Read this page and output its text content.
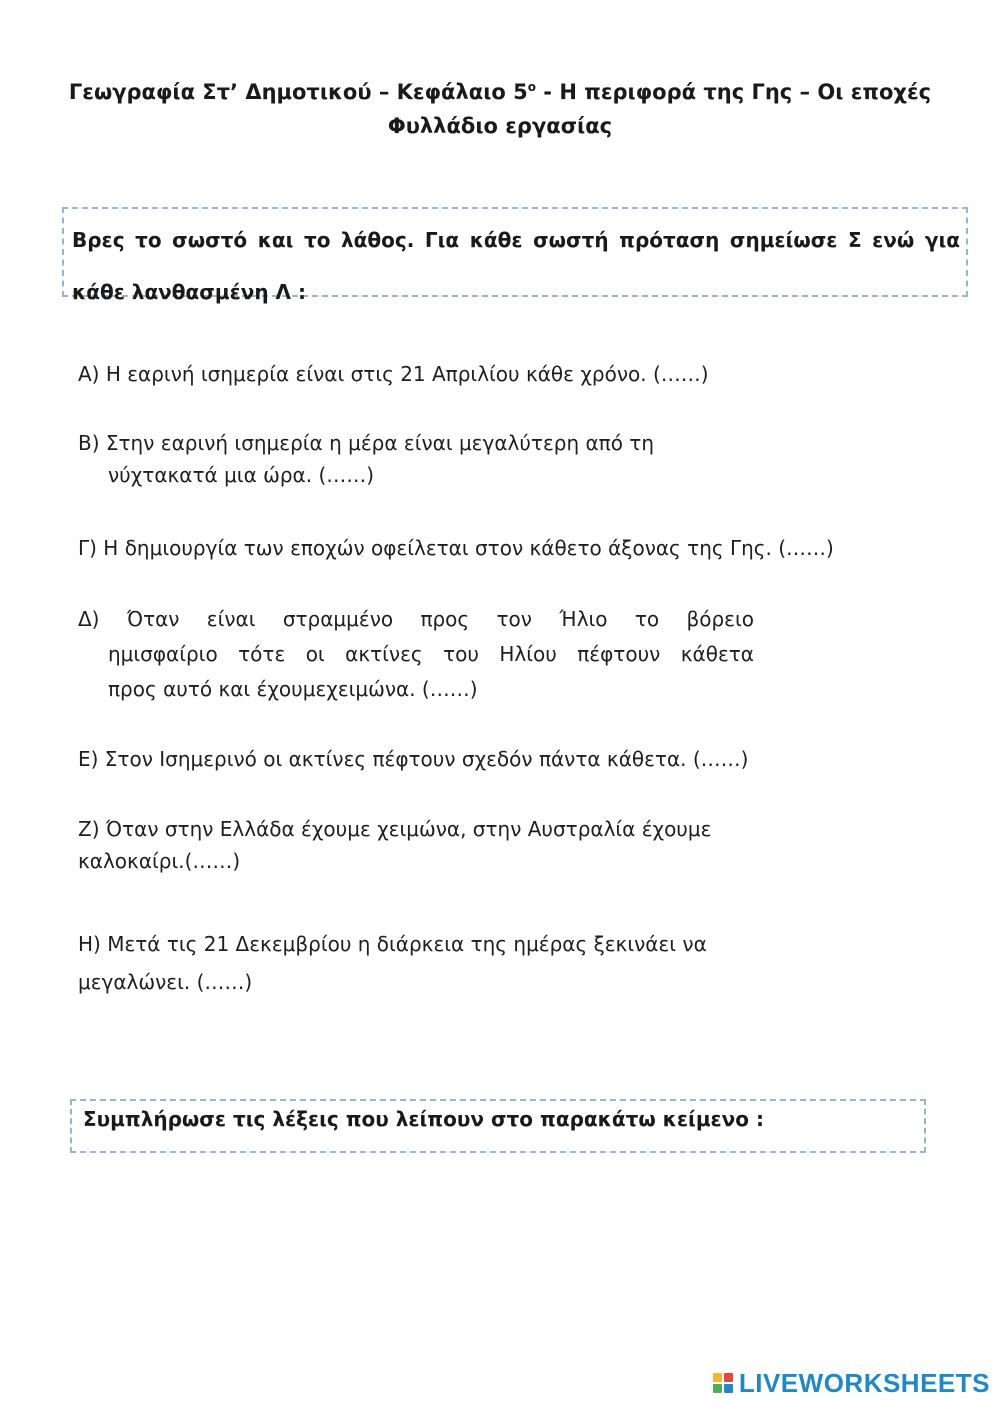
Γεωγραφία Στ’ Δημοτικού – Κεφάλαιο $5^o$ - Η περιφορά της Γης – Οι εποχές
Φυλλάδιο εργασίας
Βρες το σωστό και το λάθος. Για κάθε σωστή πρόταση σημείωσε Σ ενώ για κάθε λανθασμένη Λ :
Α) Η εαρινή ισημερία είναι στις 21 Απριλίου κάθε χρόνο. (……)
Β) Στην εαρινή ισημερία η μέρα είναι μεγαλύτερη από τη
νύχτακατά μια ώρα. (……)
Γ) Η δημιουργία των εποχών οφείλεται στον κάθετο άξονας της Γης. (……)
Δ) Όταν είναι στραμμένο προς τον Ήλιο το βόρειο
ημισφαίριο τότε οι ακτίνες του Ηλίου πέφτουν κάθετα
προς αυτό και έχουμεχειμώνα. (……)
Ε) Στον Ισημερινό οι ακτίνες πέφτουν σχεδόν πάντα κάθετα. (……)
Ζ) Όταν στην Ελλάδα έχουμε χειμώνα, στην Αυστραλία έχουμε
καλοκαίρι.(……)
Η) Μετά τις 21 Δεκεμβρίου η διάρκεια της ημέρας ξεκινάει να
μεγαλώνει. (……)
Συμπλήρωσε τις λέξεις που λείπουν στο παρακάτω κείμενο :
LIVEWORKSHEETS
